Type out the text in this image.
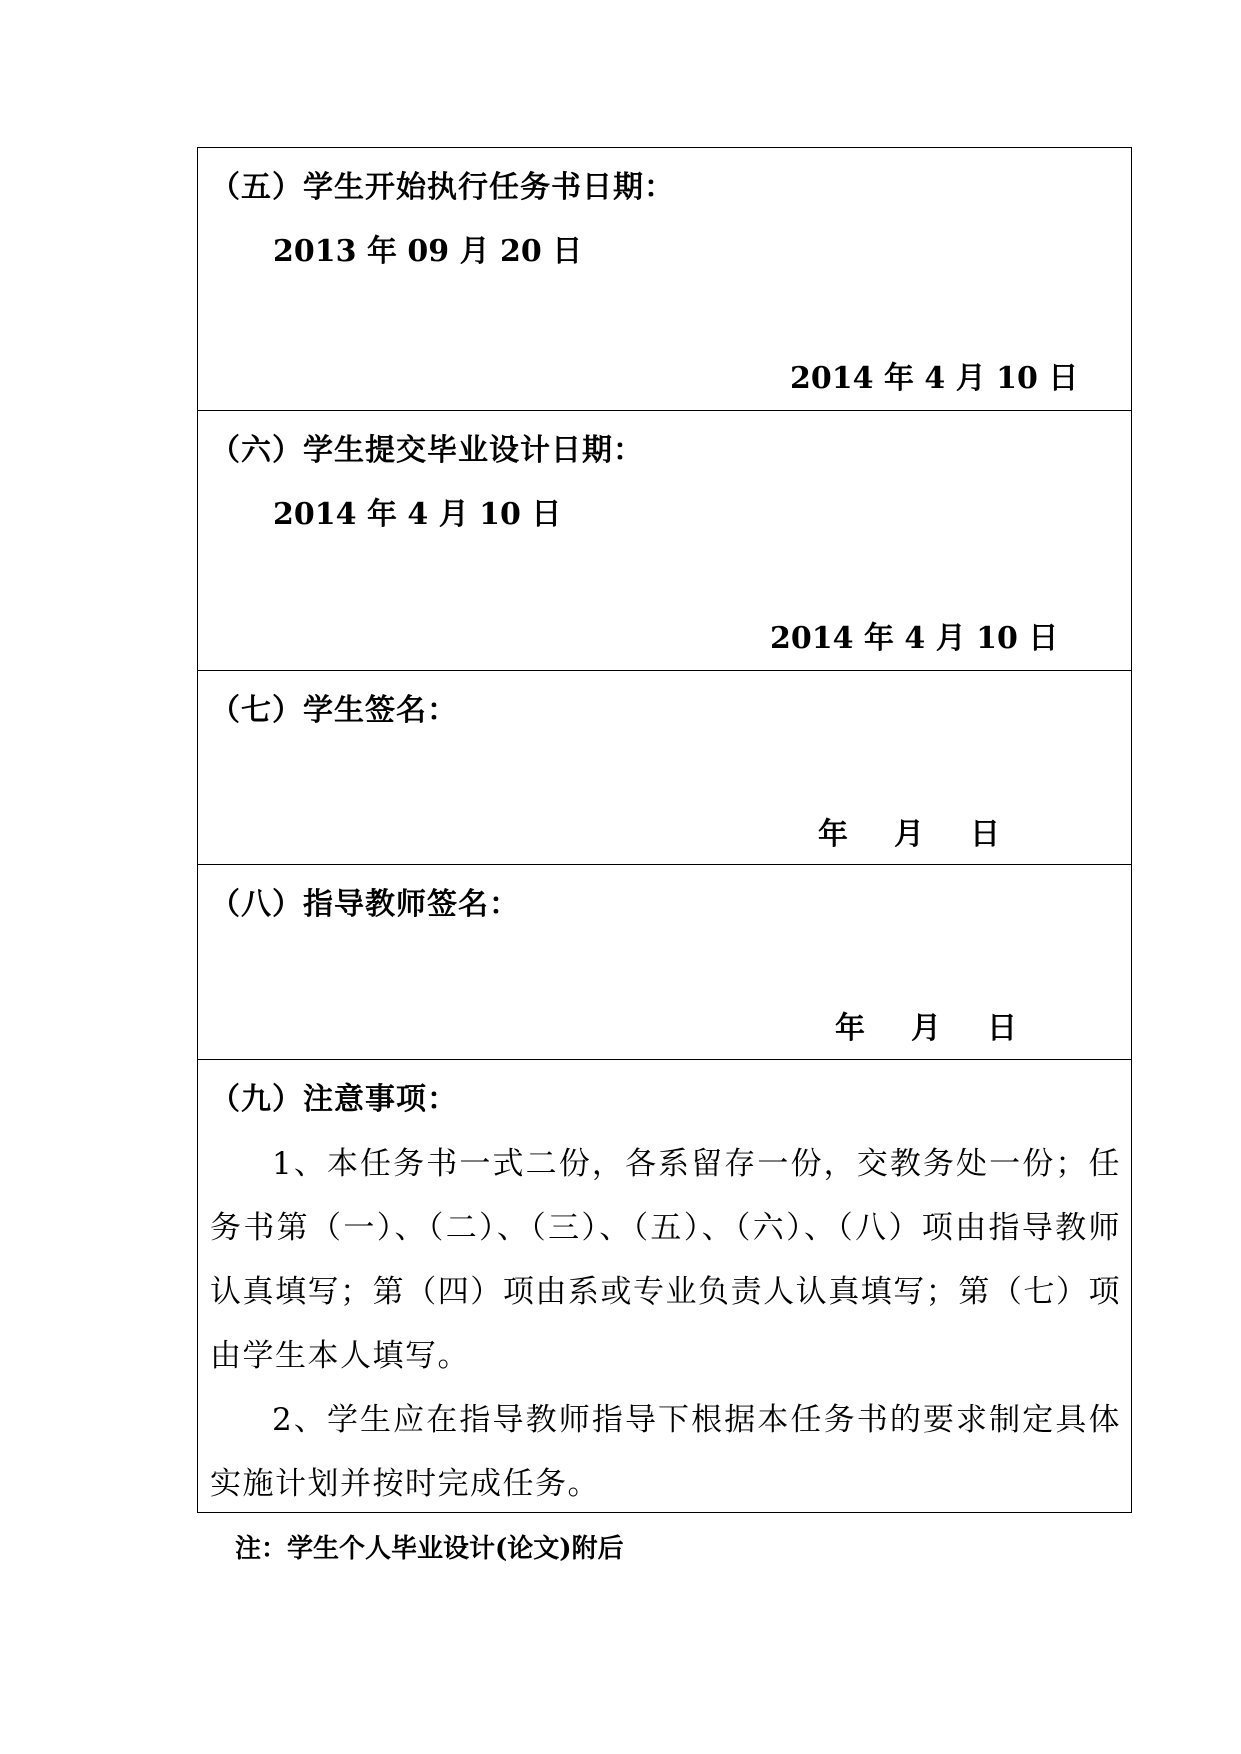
（五）学生开始执行任务书日期：
2013 年 09 月 20 日
2014 年 4 月 10 日
（六）学生提交毕业设计日期：
2014 年 4 月 10 日
2014 年 4 月 10 日
（七）学生签名：
年 月 日
（八）指导教师签名：
年 月 日
（九）注意事项：

1、本任务书一式二份，各系留存一份，交教务处一份；任务书第（一）、（二）、（三）、（五）、（六）、（八）项由指导教师认真填写；第（四）项由系或专业负责人认真填写；第（七）项由学生本人填写。

2、学生应在指导教师指导下根据本任务书的要求制定具体实施计划并按时完成任务。

注：学生个人毕业设计(论文)附后
